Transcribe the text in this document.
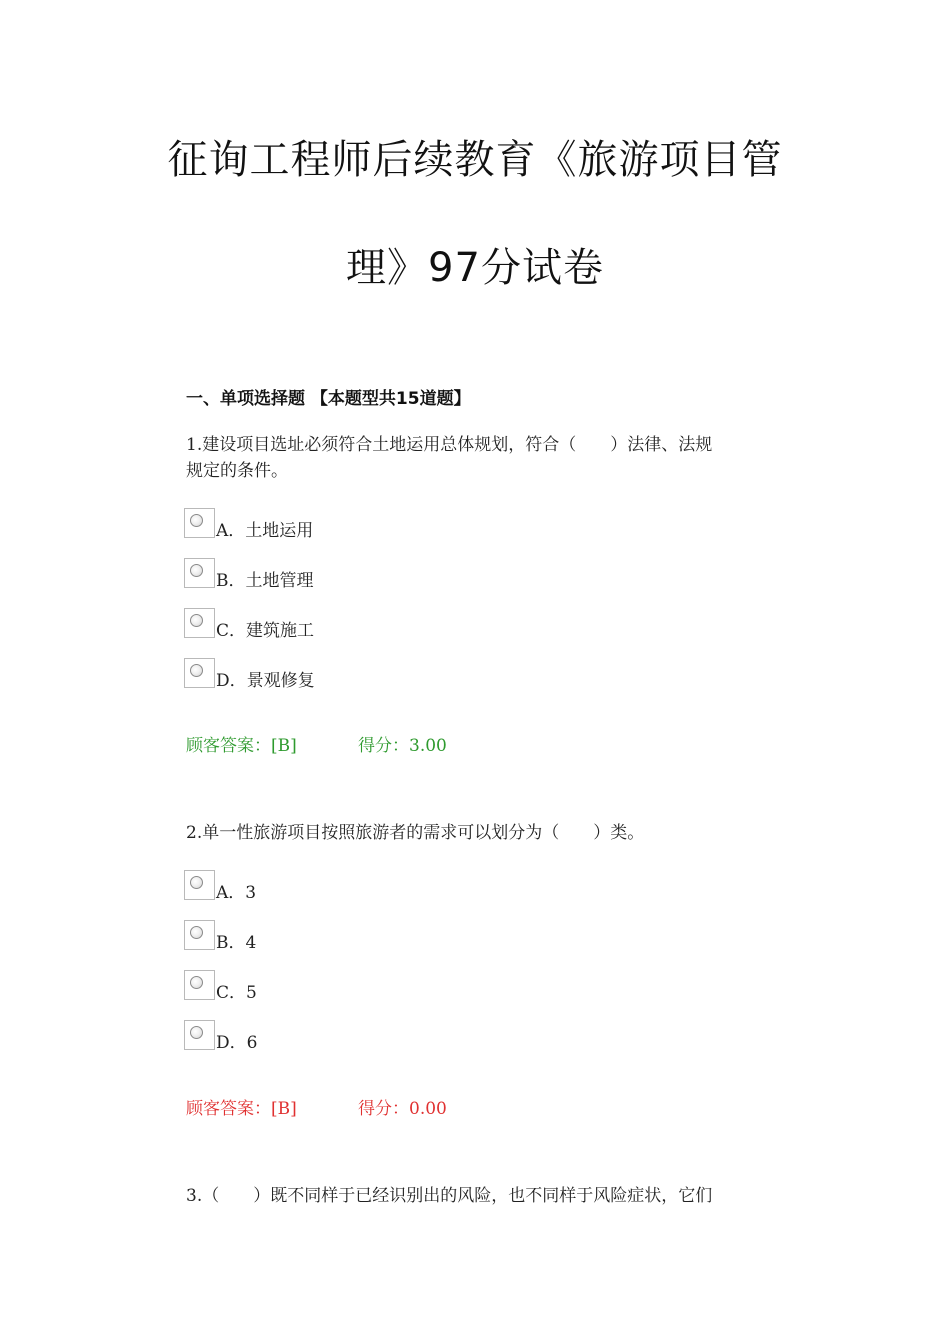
征询工程师后续教育《旅游项目管
理》97分试卷
一、单项选择题 【本题型共15道题】
1.建设项目选址必须符合土地运用总体规划，符合（　　）法律、法规
规定的条件。
A．土地运用
B．土地管理
C．建筑施工
D．景观修复
顾客答案：[B]	得分：3.00
2.单一性旅游项目按照旅游者的需求可以划分为（　　）类。
A．3
B．4
C．5
D．6
顾客答案：[B]	得分：0.00
3.（　　）既不同样于已经识别出的风险，也不同样于风险症状，它们
